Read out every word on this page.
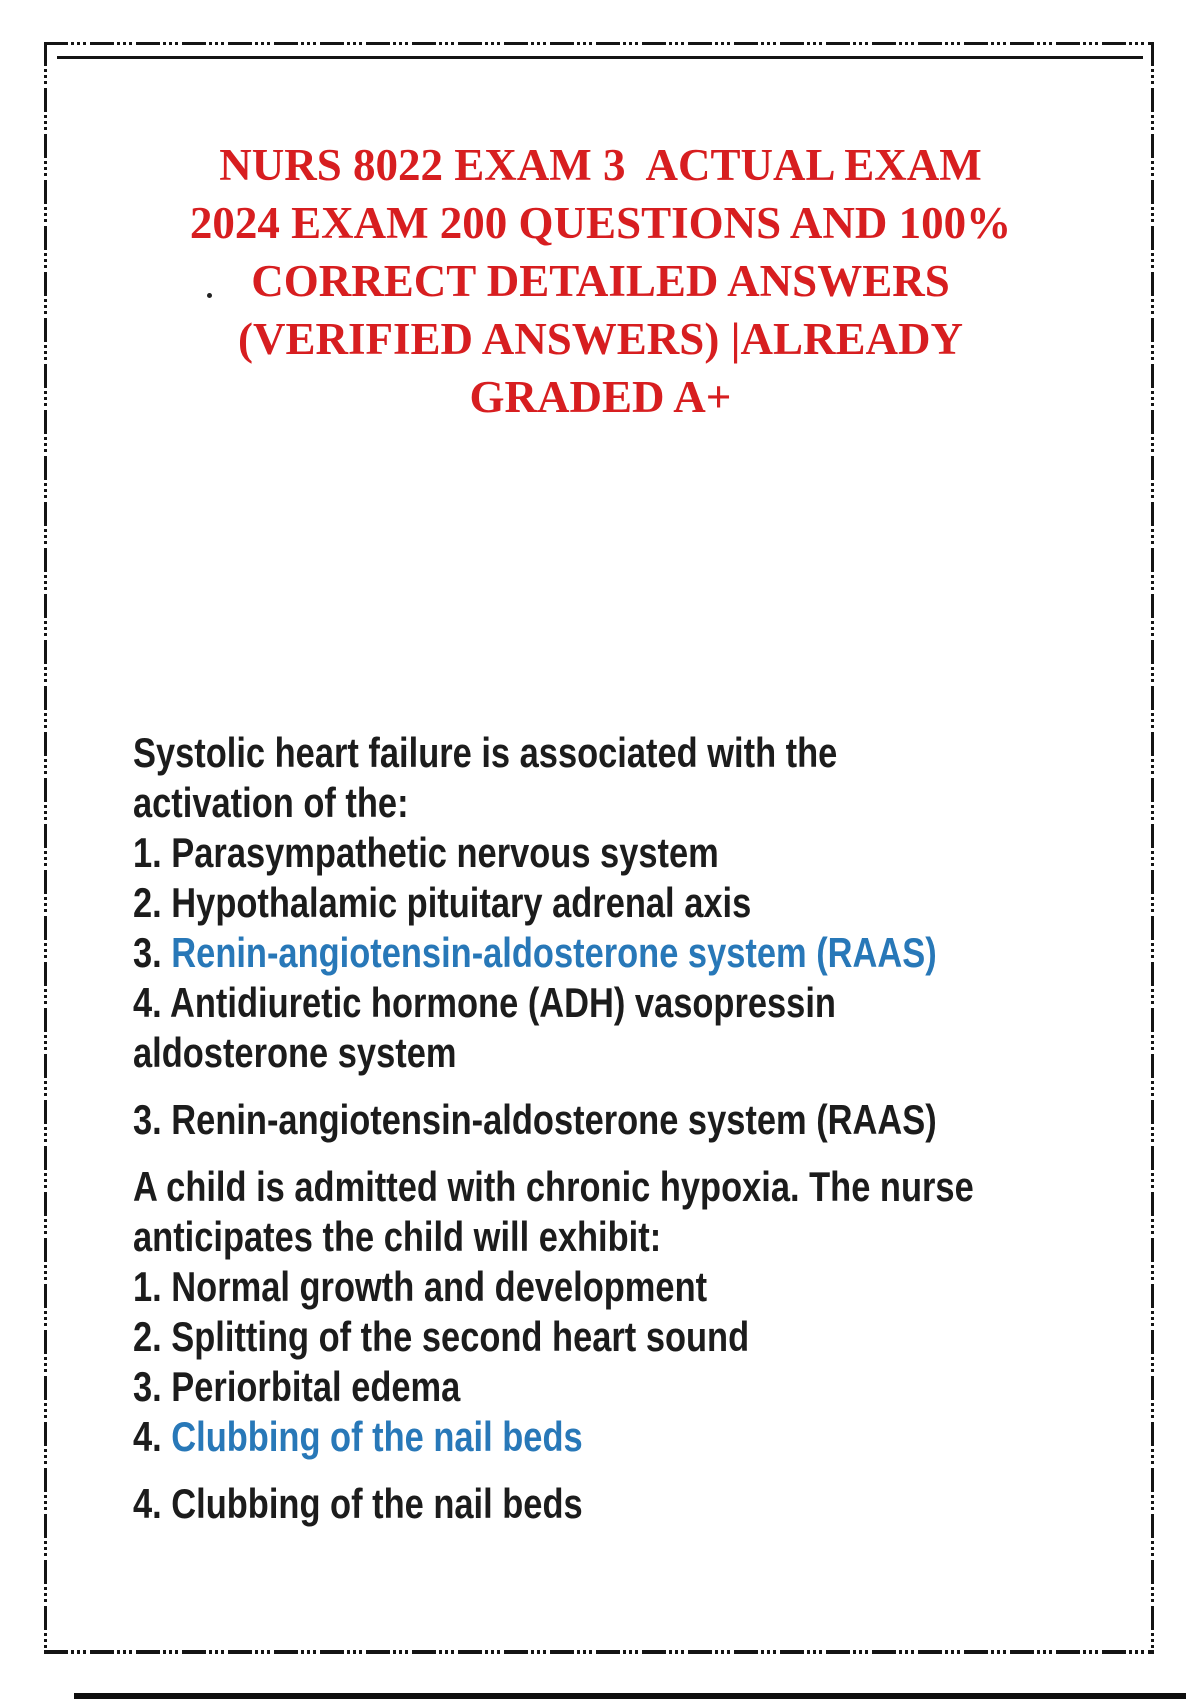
NURS 8022 EXAM 3  ACTUAL EXAM
2024 EXAM 200 QUESTIONS AND 100%
CORRECT DETAILED ANSWERS
(VERIFIED ANSWERS) |ALREADY
GRADED A+
Systolic heart failure is associated with the
activation of the:
1. Parasympathetic nervous system
2. Hypothalamic pituitary adrenal axis
3. Renin-angiotensin-aldosterone system (RAAS)
4. Antidiuretic hormone (ADH) vasopressin
aldosterone system
3. Renin-angiotensin-aldosterone system (RAAS)
A child is admitted with chronic hypoxia. The nurse
anticipates the child will exhibit:
1. Normal growth and development
2. Splitting of the second heart sound
3. Periorbital edema
4. Clubbing of the nail beds
4. Clubbing of the nail beds
